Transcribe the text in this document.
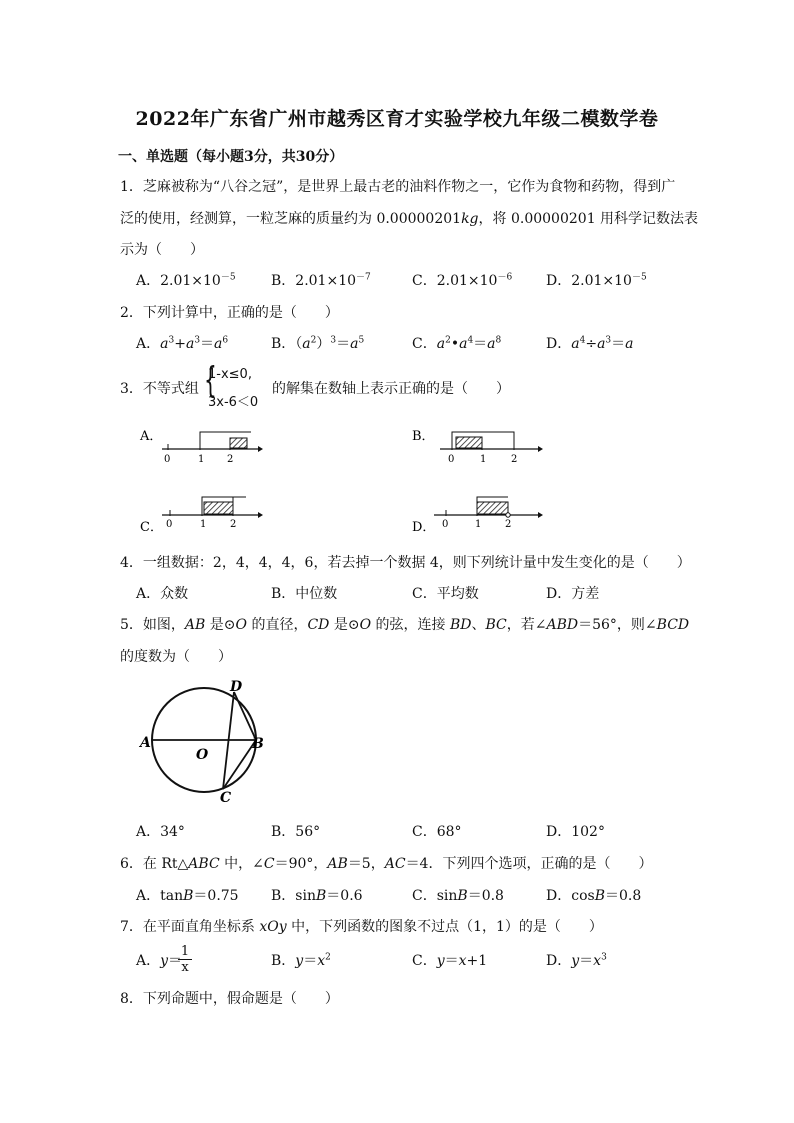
2022年广东省广州市越秀区育才实验学校九年级二模数学卷
一、单选题（每小题3分，共30分）
1．芝麻被称为“八谷之冠”，是世界上最古老的油料作物之一，它作为食物和药物，得到广
泛的使用，经测算，一粒芝麻的质量约为 0.00000201kg，将 0.00000201 用科学记数法表
示为（　　）
A．$2.01\times 10^{-5}$	B．$2.01\times 10^{-7}$	C．$2.01\times 10^{-6}$ D．$2.01\times 10^{-5}$
2．下列计算中，正确的是（　　）
A．$a^3+a^3=a^6$	B．$(a^2)^3=a^5$	C．$a^2•a^4=a^8$	D．$a^4\div a^3=a$
3．不等式组 {
1-x≤0,
3x-6＜0
的解集在数轴上表示正确的是（　　）
A．
0	1 2
B．
0	1 2
C． 0	1 2	D． 0	1 2
4．一组数据：2，4，4，4，6，若去掉一个数据 4，则下列统计量中发生变化的是（　　）
A．众数	B．中位数	C．平均数	D．方差
5．如图，AB 是⊙O 的直径，CD 是⊙O 的弦，连接 BD、BC，若∠ABD＝56°，则∠BCD
的度数为（　　）
A	B
C
D
O
A．34°	B．56°	C．68°	D．102°
6．在 Rt△ABC 中，∠C＝90°，AB＝5，AC＝4．下列四个选项，正确的是（　　）
A．tanB＝0.75 B．sinB＝0.6	C．sinB＝0.8	D．cosB＝0.8
7．在平面直角坐标系 xOy 中，下列函数的图象不过点（1，1）的是（　　）
A．y＝
$\frac{1}{x}$	B．$y=x^2$	C．y＝x+1	D．$y=x^3$
8．下列命题中，假命题是（　　）
